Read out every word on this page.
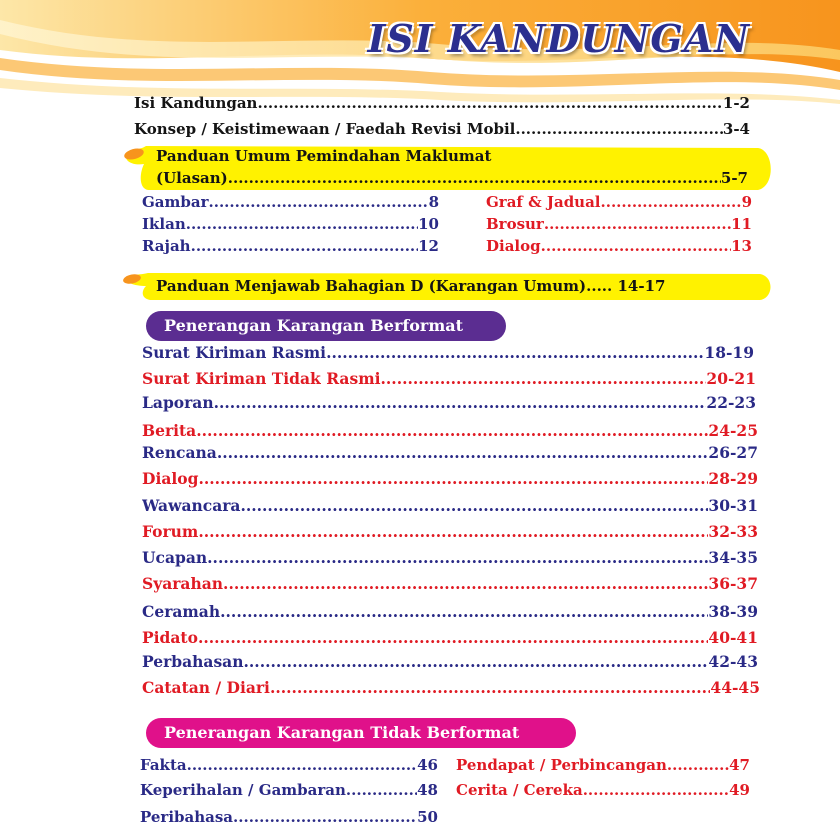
ISI KANDUNGAN
Isi Kandungan .....	1-2
Konsep / Keistimewaan / Faedah Revisi Mobil .....	3-4
Panduan Umum Pemindahan Maklumat
(Ulasan) .....	5-7
Gambar .....	8
Iklan .....	10
Rajah .....	12
Graf & Jadual .....	9
Brosur .....	11
Dialog .....	13
Panduan Menjawab Bahagian D (Karangan Umum) ..... 14-17
Penerangan Karangan Berformat
Surat Kiriman Rasmi .....	18-19
Surat Kiriman Tidak Rasmi .....	20-21
Laporan .....	22-23
Berita .....	24-25
Rencana .....	26-27
Dialog .....	28-29
Wawancara .....	30-31
Forum .....	32-33
Ucapan .....	34-35
Syarahan .....	36-37
Ceramah .....	38-39
Pidato .....	40-41
Perbahasan .....	42-43
Catatan / Diari .....	44-45
Penerangan Karangan Tidak Berformat
Fakta .....	46
Keperihalan / Gambaran .....	48
Peribahasa .....	50
Pendapat / Perbincangan .....	47
Cerita / Cereka .....	49
